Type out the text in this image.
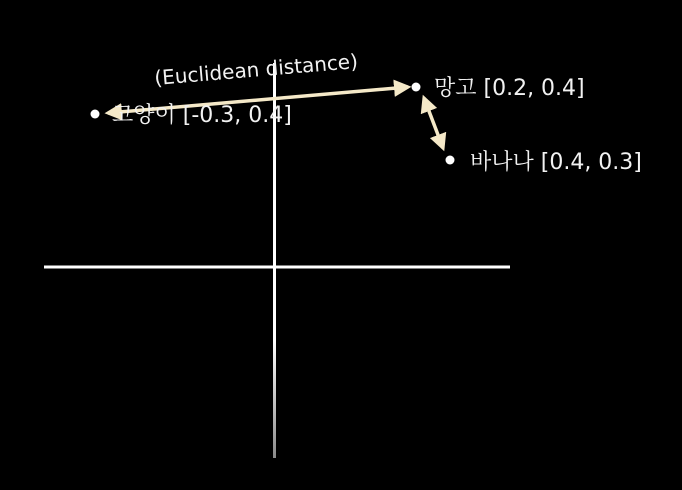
(Euclidean distance)
고양이 [-0.3, 0.4]
망고 [0.2, 0.4]
바나나 [0.4, 0.3]
